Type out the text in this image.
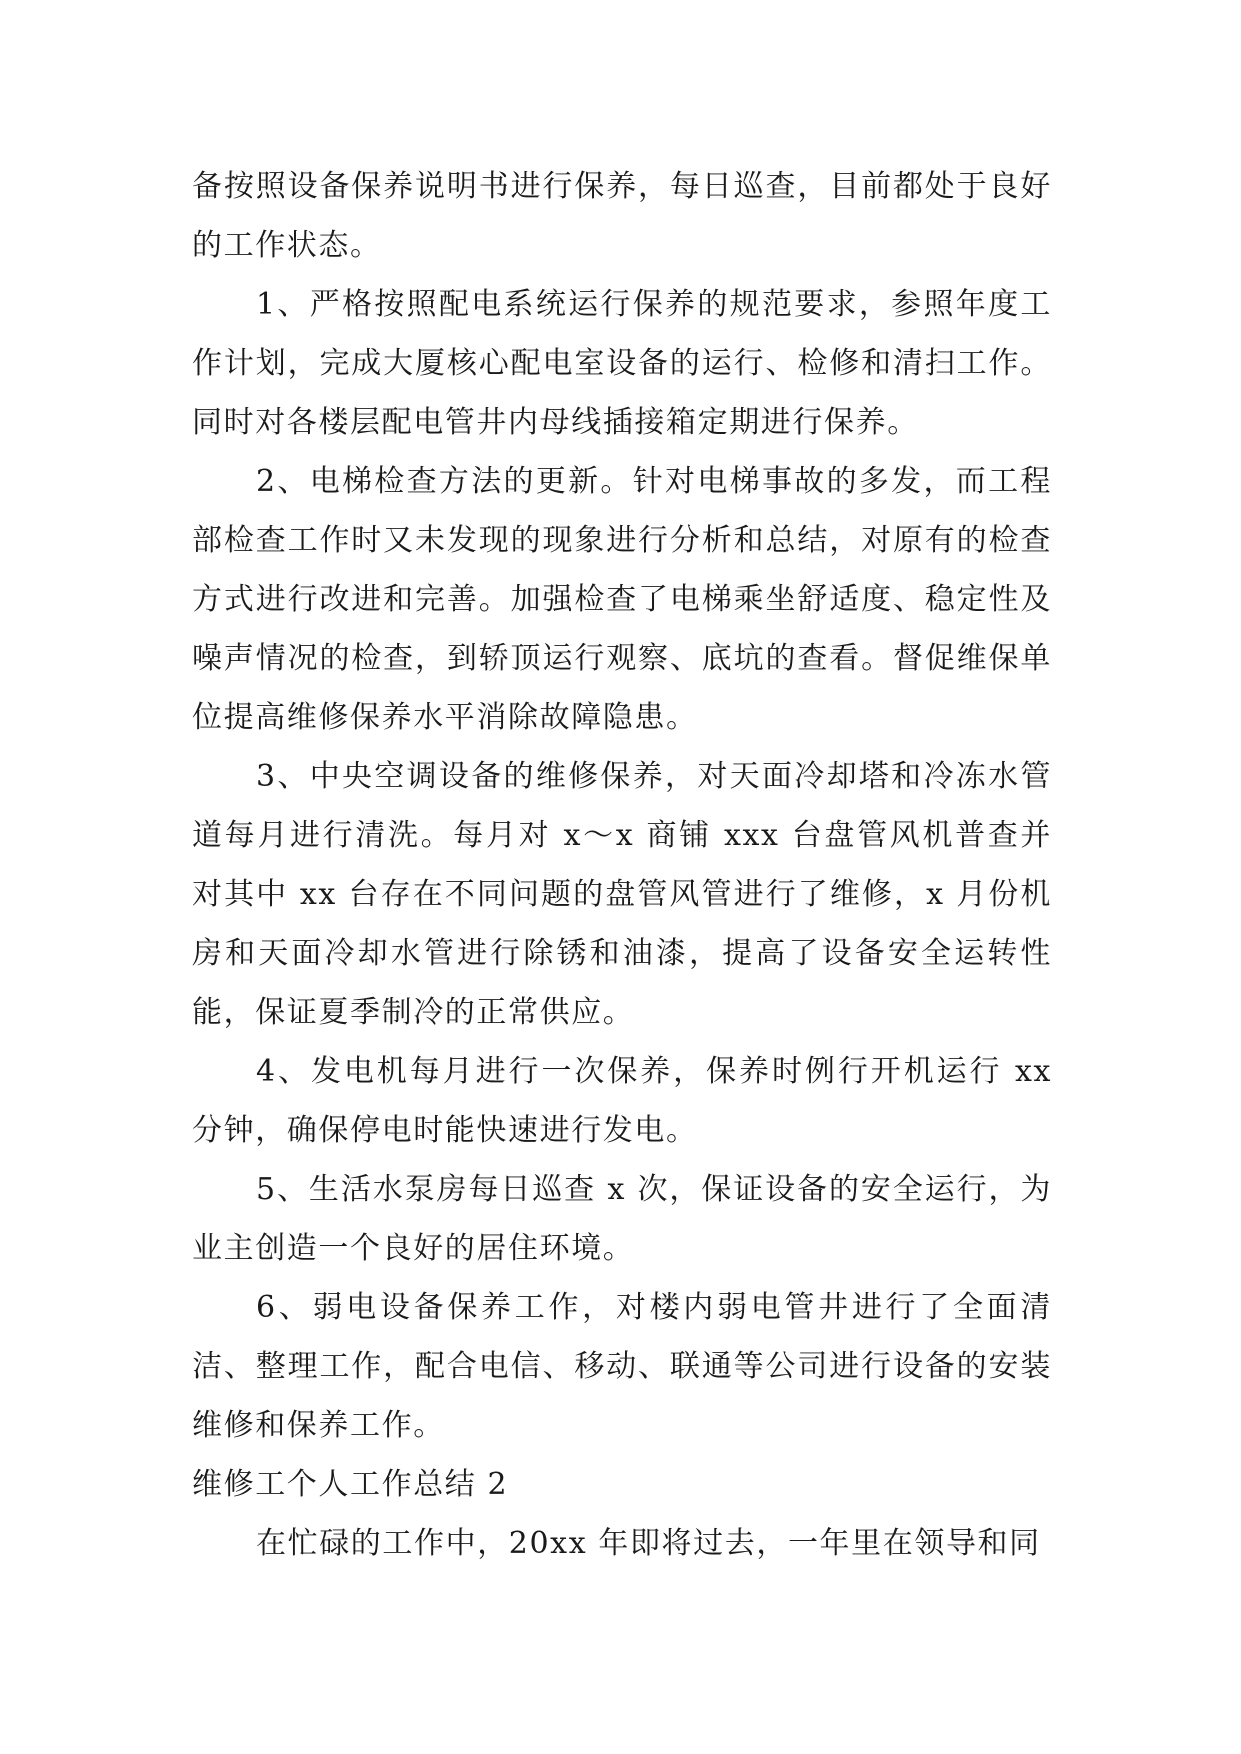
备按照设备保养说明书进行保养，每日巡查，目前都处于良好的工作状态。

1、严格按照配电系统运行保养的规范要求，参照年度工作计划，完成大厦核心配电室设备的运行、检修和清扫工作。同时对各楼层配电管井内母线插接箱定期进行保养。

2、电梯检查方法的更新。针对电梯事故的多发，而工程部检查工作时又未发现的现象进行分析和总结，对原有的检查方式进行改进和完善。加强检查了电梯乘坐舒适度、稳定性及噪声情况的检查，到轿顶运行观察、底坑的查看。督促维保单位提高维修保养水平消除故障隐患。

3、中央空调设备的维修保养，对天面冷却塔和冷冻水管道每月进行清洗。每月对 x～x 商铺 xxx 台盘管风机普查并对其中 xx 台存在不同问题的盘管风管进行了维修，x 月份机房和天面冷却水管进行除锈和油漆，提高了设备安全运转性能，保证夏季制冷的正常供应。

4、发电机每月进行一次保养，保养时例行开机运行 xx 分钟，确保停电时能快速进行发电。

5、生活水泵房每日巡查 x 次，保证设备的安全运行，为业主创造一个良好的居住环境。

6、弱电设备保养工作，对楼内弱电管井进行了全面清洁、整理工作，配合电信、移动、联通等公司进行设备的安装维修和保养工作。

维修工个人工作总结 2

在忙碌的工作中，20xx 年即将过去，一年里在领导和同
